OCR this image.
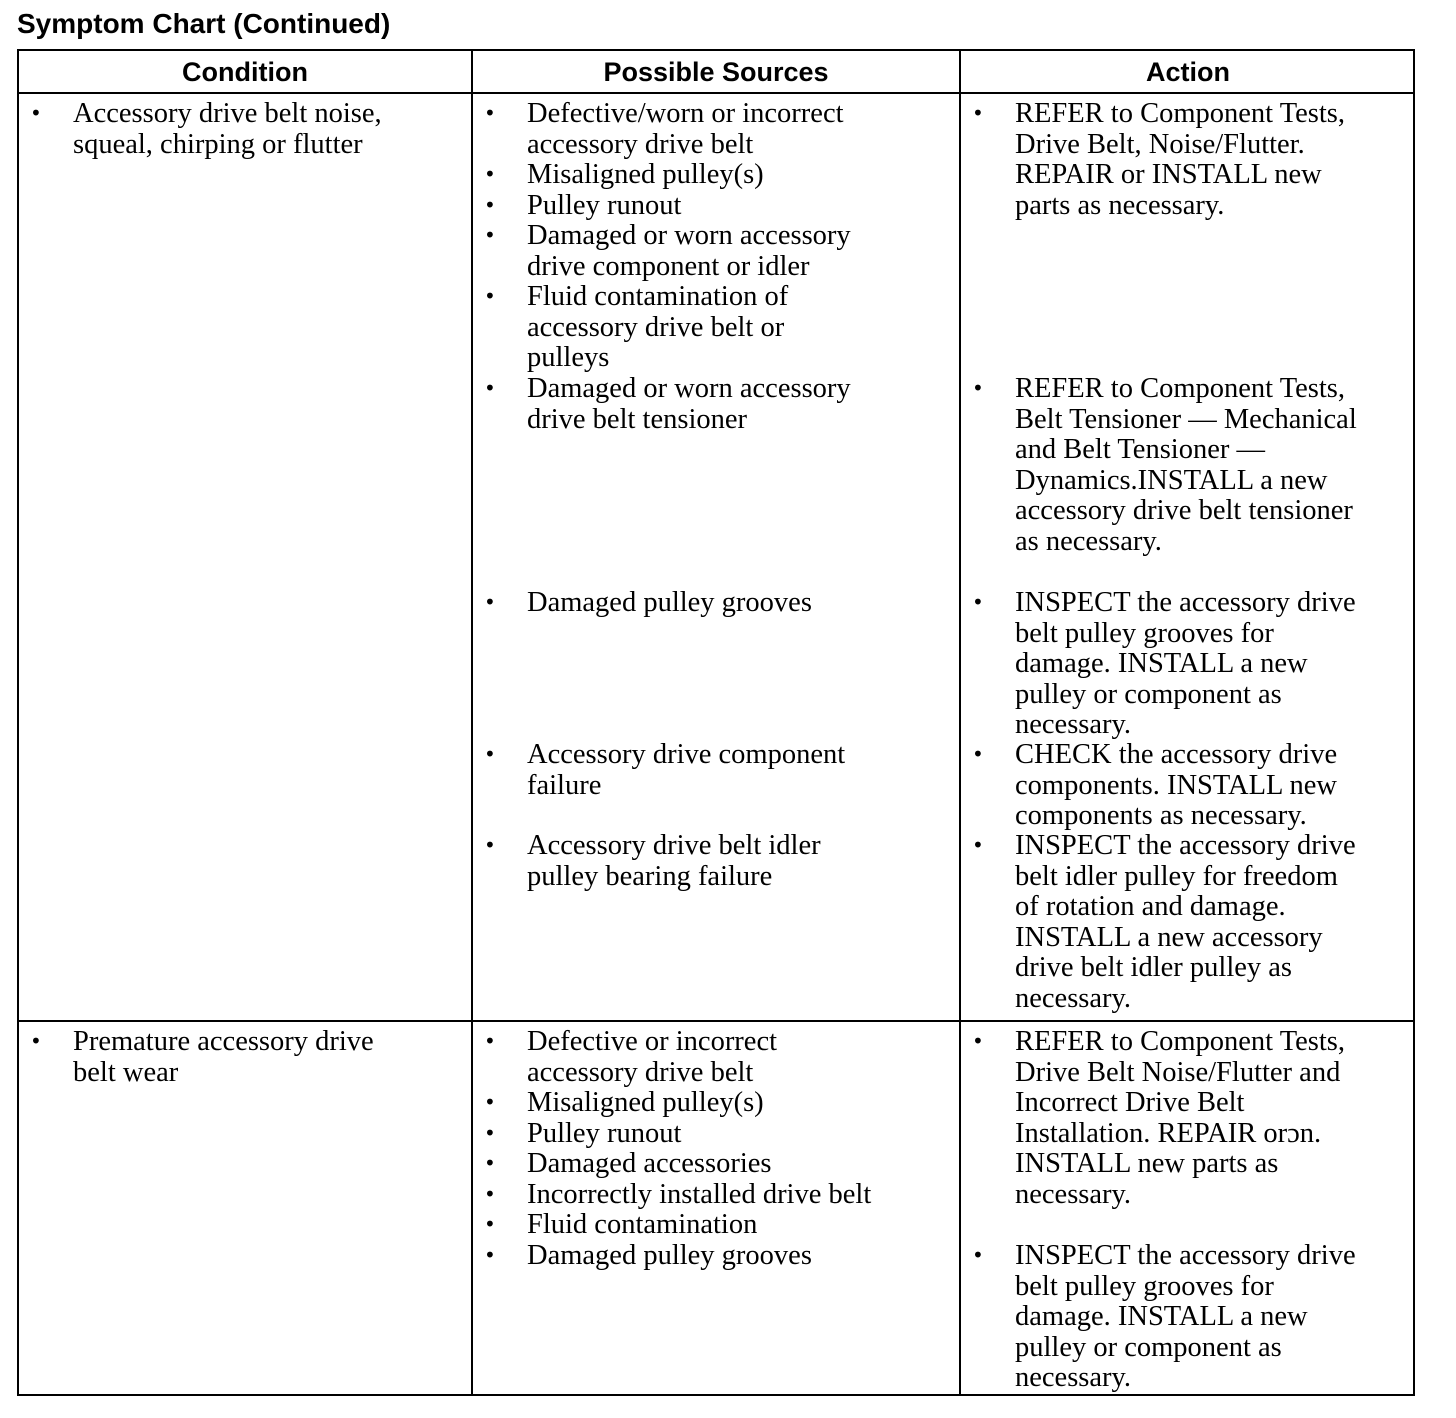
Symptom Chart (Continued)
Condition	Possible Sources	Action
• Accessory drive belt noise,
squeal, chirping or flutter
• Defective/worn or incorrect
accessory drive belt
• Misaligned pulley(s)
• Pulley runout
• Damaged or worn accessory
drive component or idler
• Fluid contamination of
accessory drive belt or
pulleys
• Damaged or worn accessory
drive belt tensioner
• Damaged pulley grooves
• Accessory drive component
failure
• Accessory drive belt idler
pulley bearing failure
• REFER to Component Tests,
Drive Belt, Noise/Flutter.
REPAIR or INSTALL new
parts as necessary.
• REFER to Component Tests,
Belt Tensioner — Mechanical
and Belt Tensioner —
Dynamics.INSTALL a new
accessory drive belt tensioner
as necessary.
• INSPECT the accessory drive
belt pulley grooves for
damage. INSTALL a new
pulley or component as
necessary.
• CHECK the accessory drive
components. INSTALL new
components as necessary.
• INSPECT the accessory drive
belt idler pulley for freedom
of rotation and damage.
INSTALL a new accessory
drive belt idler pulley as
necessary.
• Premature accessory drive
belt wear
• Defective or incorrect
accessory drive belt
• Misaligned pulley(s)
• Pulley runout
• Damaged accessories
• Incorrectly installed drive belt
• Fluid contamination
• Damaged pulley grooves
• REFER to Component Tests,
Drive Belt Noise/Flutter and
Incorrect Drive Belt
Installation. REPAIR orɔn.
INSTALL new parts as
necessary.
• INSPECT the accessory drive
belt pulley grooves for
damage. INSTALL a new
pulley or component as
necessary.
